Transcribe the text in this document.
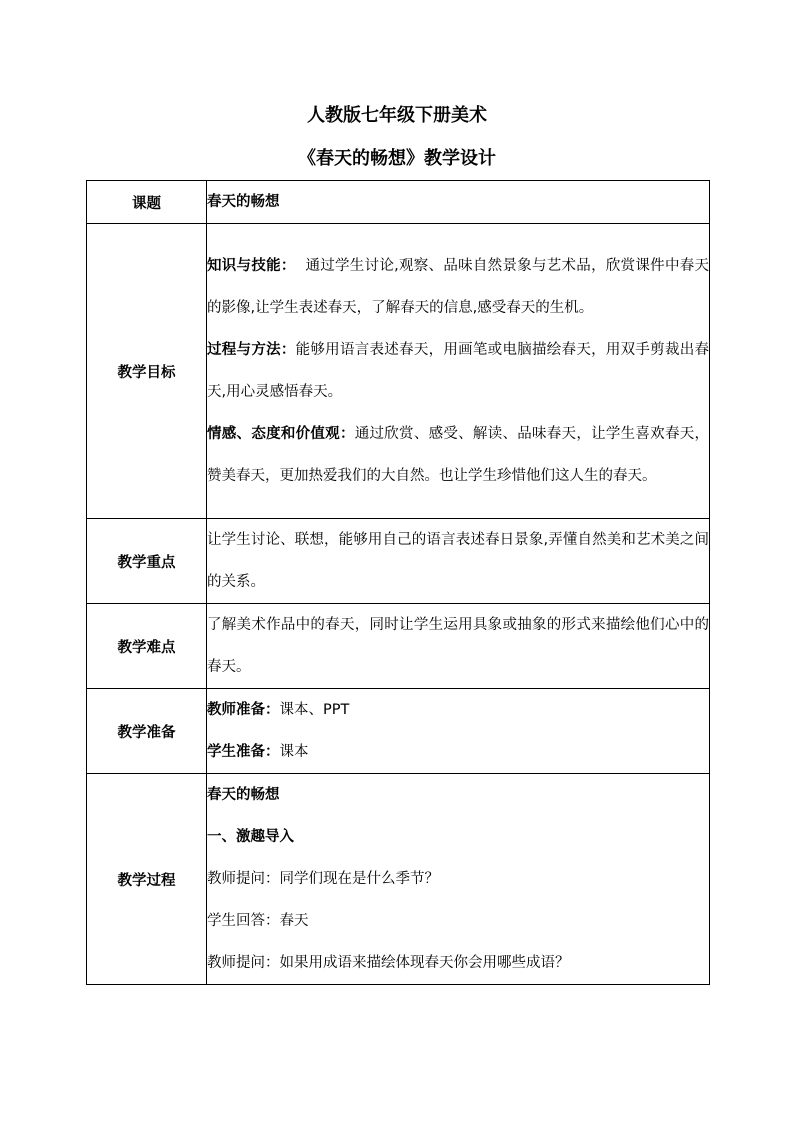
人教版七年级下册美术
《春天的畅想》教学设计
课题	春天的畅想
教学目标	知识与技能：  通过学生讨论,观察、品味自然景象与艺术品，欣赏课件中春天的影像,让学生表述春天，了解春天的信息,感受春天的生机。
过程与方法：能够用语言表述春天，用画笔或电脑描绘春天，用双手剪裁出春天,用心灵感悟春天。
情感、态度和价值观：通过欣赏、感受、解读、品味春天，让学生喜欢春天，赞美春天，更加热爱我们的大自然。也让学生珍惜他们这人生的春天。

教学重点	让学生讨论、联想，能够用自己的语言表述春日景象,弄懂自然美和艺术美之间的关系。
教学难点	了解美术作品中的春天，同时让学生运用具象或抽象的形式来描绘他们心中的春天。
教学准备	教师准备：课本、PPT
学生准备：课本

教学过程	春天的畅想
一、激趣导入
教师提问：同学们现在是什么季节？
学生回答：春天
教师提问：如果用成语来描绘体现春天你会用哪些成语？
